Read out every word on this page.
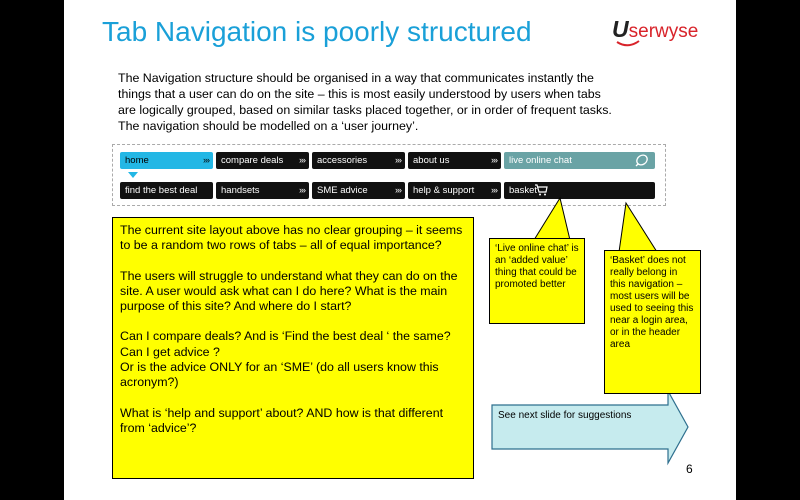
Tab Navigation is poorly structured	Userwyse
The Navigation structure should be organised in a way that communicates instantly the things that a user can do on the site – this is most easily understood by users when tabs are logically grouped, based on similar tasks placed together, or in order of frequent tasks. The navigation should be modelled on a ‘user journey’.
home	›››	compare deals ›››	accessories	›››	about us	›››	live online chat
find the best deal	handsets	›››	SME advice	›››	help & support ›››	basket
‘Live online chat’ is an ‘added value’ thing that could be promoted better
‘Basket’ does not really belong in this navigation – most users will be used to seeing this near a login area, or in the header area

The current site layout above has no clear grouping – it seems to be a random two rows of tabs – all of equal importance?

The users will struggle to understand what they can do on the site. A user would ask what can I do here? What is the main purpose of this site? And where do I start?

Can I compare deals? And is ‘Find the best deal ‘ the same?

Can I get advice ?

Or is the advice ONLY for an ‘SME’ (do all users know this acronym?)

What is ‘help and support’ about? AND how is that different from ‘advice’?

See next slide for suggestions
6
